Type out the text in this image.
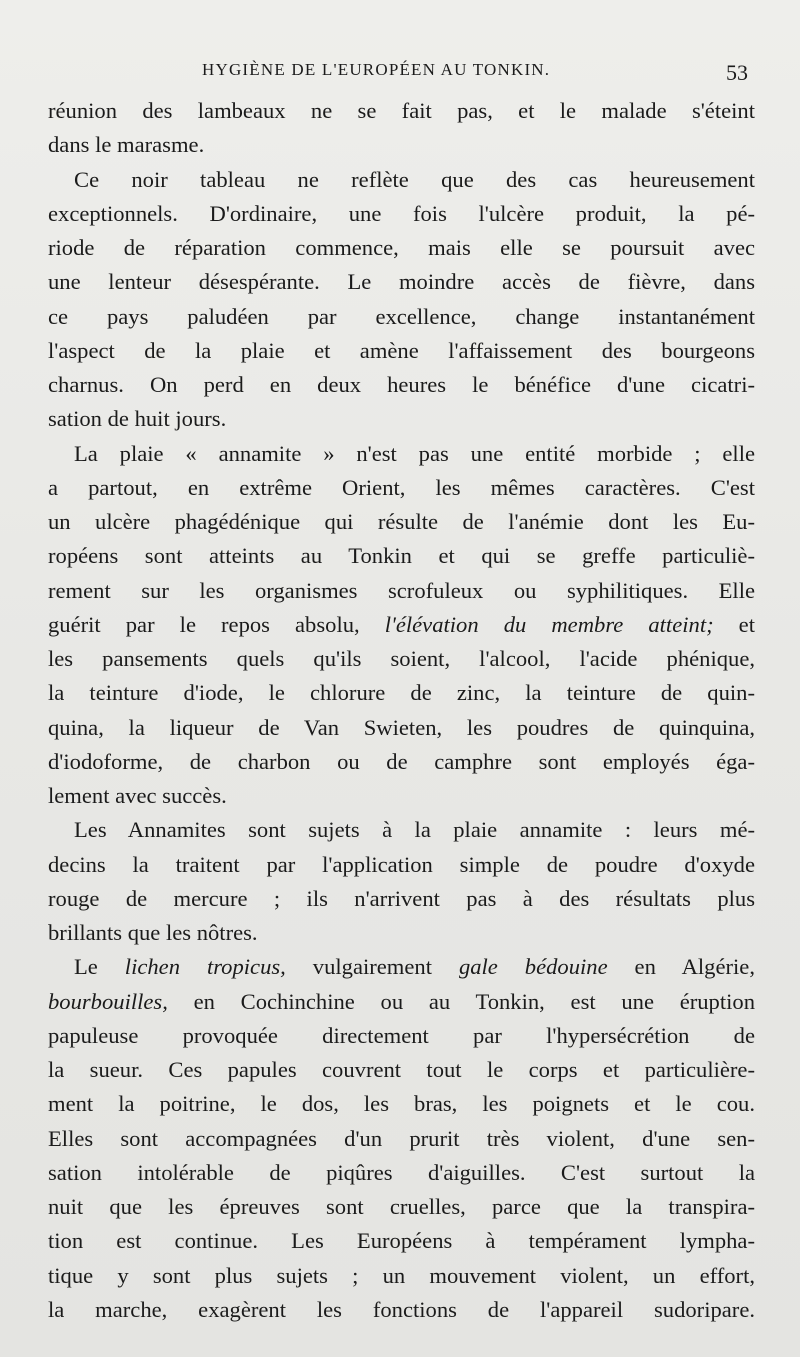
HYGIÈNE DE L'EUROPÉEN AU TONKIN.	53
réunion des lambeaux ne se fait pas, et le malade s'éteint
dans le marasme.
Ce noir tableau ne reflète que des cas heureusement
exceptionnels. D'ordinaire, une fois l'ulcère produit, la pé-
riode de réparation commence, mais elle se poursuit avec
une lenteur désespérante. Le moindre accès de fièvre, dans
ce pays paludéen par excellence, change instantanément
l'aspect de la plaie et amène l'affaissement des bourgeons
charnus. On perd en deux heures le bénéfice d'une cicatri-
sation de huit jours.
La plaie « annamite » n'est pas une entité morbide ; elle
a partout, en extrême Orient, les mêmes caractères. C'est
un ulcère phagédénique qui résulte de l'anémie dont les Eu-
ropéens sont atteints au Tonkin et qui se greffe particuliè-
rement sur les organismes scrofuleux ou syphilitiques. Elle
guérit par le repos absolu, l'élévation du membre atteint; et
les pansements quels qu'ils soient, l'alcool, l'acide phénique,
la teinture d'iode, le chlorure de zinc, la teinture de quin-
quina, la liqueur de Van Swieten, les poudres de quinquina,
d'iodoforme, de charbon ou de camphre sont employés éga-
lement avec succès.
Les Annamites sont sujets à la plaie annamite : leurs mé-
decins la traitent par l'application simple de poudre d'oxyde
rouge de mercure ; ils n'arrivent pas à des résultats plus
brillants que les nôtres.
Le lichen tropicus, vulgairement gale bédouine en Algérie,
bourbouilles, en Cochinchine ou au Tonkin, est une éruption
papuleuse provoquée directement par l'hypersécrétion de
la sueur. Ces papules couvrent tout le corps et particulière-
ment la poitrine, le dos, les bras, les poignets et le cou.
Elles sont accompagnées d'un prurit très violent, d'une sen-
sation intolérable de piqûres d'aiguilles. C'est surtout la
nuit que les épreuves sont cruelles, parce que la transpira-
tion est continue. Les Européens à tempérament lympha-
tique y sont plus sujets ; un mouvement violent, un effort,
la marche, exagèrent les fonctions de l'appareil sudoripare.
